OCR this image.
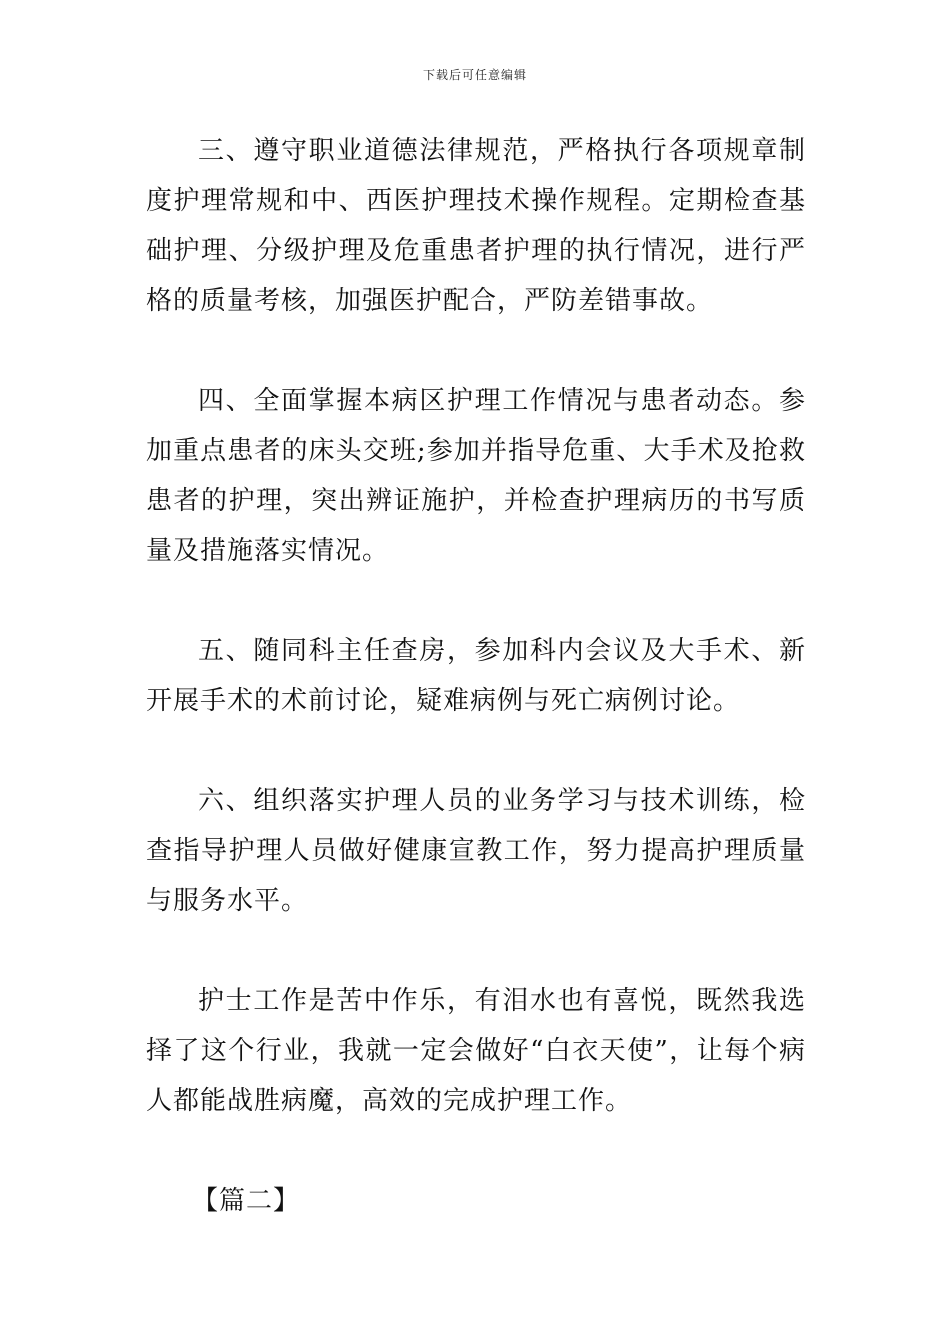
下载后可任意编辑

三、遵守职业道德法律规范，严格执行各项规章制度护理常规和中、西医护理技术操作规程。定期检查基础护理、分级护理及危重患者护理的执行情况，进行严格的质量考核，加强医护配合，严防差错事故。

四、全面掌握本病区护理工作情况与患者动态。参加重点患者的床头交班;参加并指导危重、大手术及抢救患者的护理，突出辨证施护，并检查护理病历的书写质量及措施落实情况。

五、随同科主任查房，参加科内会议及大手术、新开展手术的术前讨论，疑难病例与死亡病例讨论。

六、组织落实护理人员的业务学习与技术训练，检查指导护理人员做好健康宣教工作，努力提高护理质量与服务水平。

护士工作是苦中作乐，有泪水也有喜悦，既然我选择了这个行业，我就一定会做好“白衣天使”，让每个病人都能战胜病魔，高效的完成护理工作。

【篇二】
